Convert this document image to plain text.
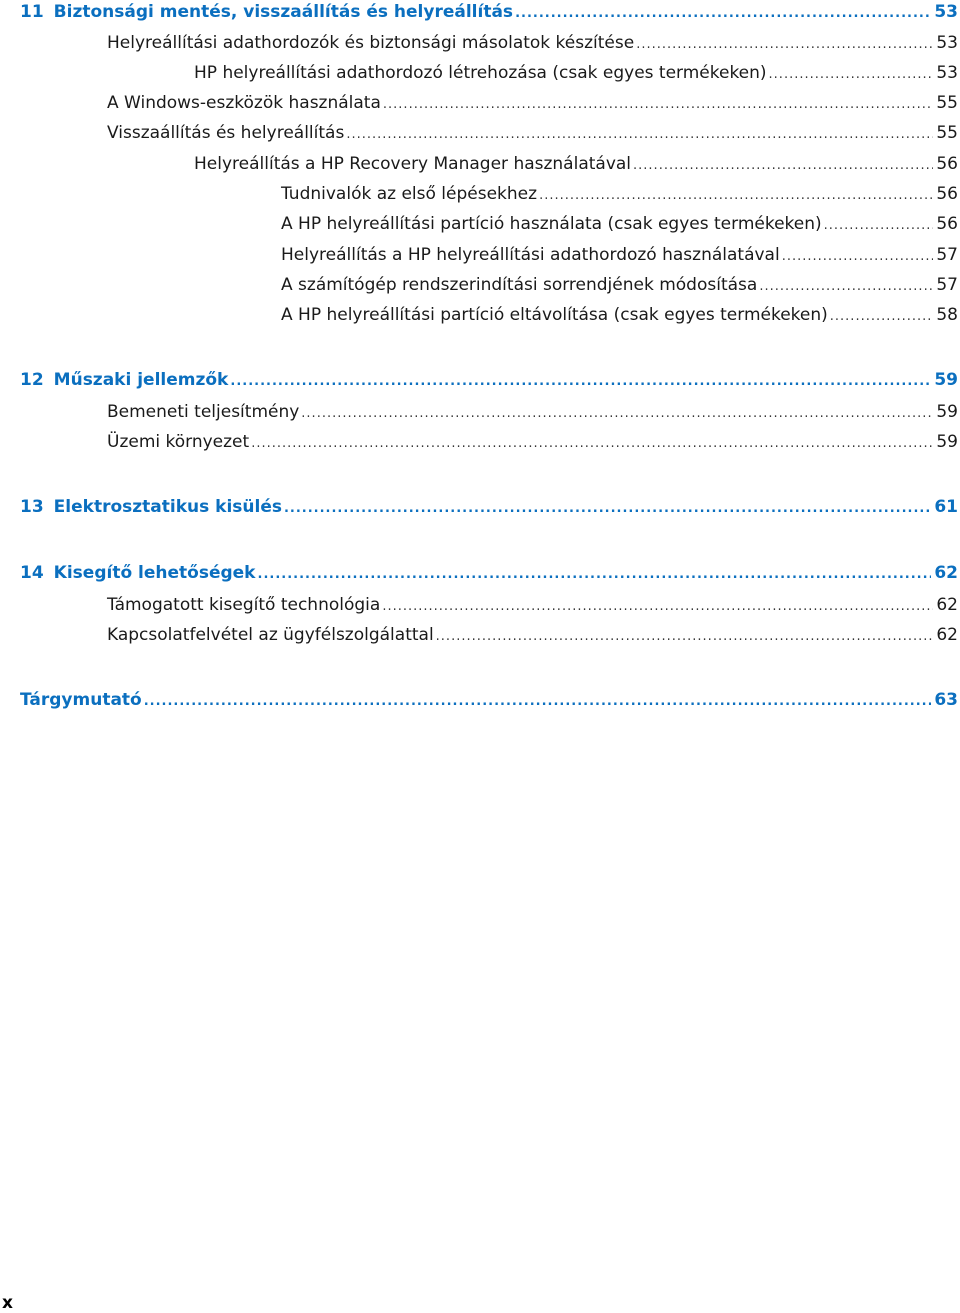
11 Biztonsági mentés, visszaállítás és helyreállítás .....	53
Helyreállítási adathordozók és biztonsági másolatok készítése .....	53
HP helyreállítási adathordozó létrehozása (csak egyes termékeken) .....	53
A Windows-eszközök használata .....	55
Visszaállítás és helyreállítás .....	55
Helyreállítás a HP Recovery Manager használatával .....	56
Tudnivalók az első lépésekhez .....	56
A HP helyreállítási partíció használata (csak egyes termékeken) .....	56
Helyreállítás a HP helyreállítási adathordozó használatával .....	57
A számítógép rendszerindítási sorrendjének módosítása .....	57
A HP helyreállítási partíció eltávolítása (csak egyes termékeken) .....	58
12 Műszaki jellemzők .....	59
Bemeneti teljesítmény .....	59
Üzemi környezet .....	59
13 Elektrosztatikus kisülés .....	61
14 Kisegítő lehetőségek .....	62
Támogatott kisegítő technológia .....	62
Kapcsolatfelvétel az ügyfélszolgálattal .....	62
Tárgymutató .....	63
x
